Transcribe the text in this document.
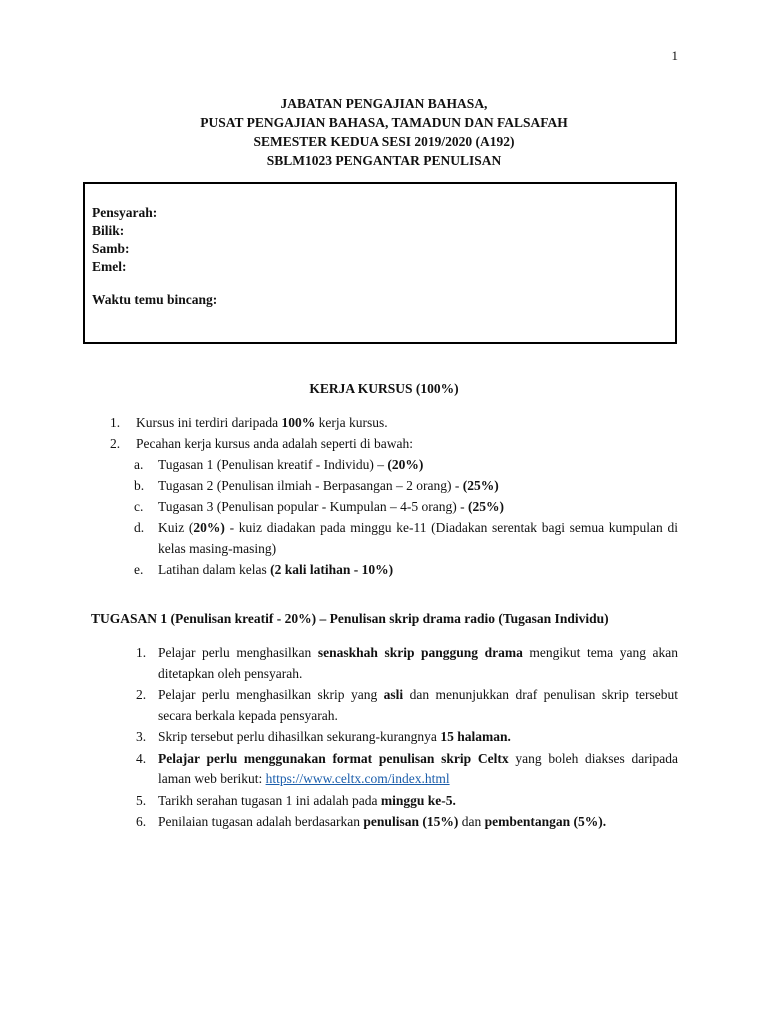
1
JABATAN PENGAJIAN BAHASA,
PUSAT PENGAJIAN BAHASA, TAMADUN DAN FALSAFAH
SEMESTER KEDUA SESI 2019/2020 (A192)
SBLM1023 PENGANTAR PENULISAN
Pensyarah:
Bilik:
Samb:
Emel:
Waktu temu bincang:
KERJA KURSUS (100%)
1. Kursus ini terdiri daripada 100% kerja kursus.
2. Pecahan kerja kursus anda adalah seperti di bawah:
a. Tugasan 1 (Penulisan kreatif - Individu) – (20%)
b. Tugasan 2 (Penulisan ilmiah - Berpasangan – 2 orang) - (25%)
c. Tugasan 3 (Penulisan popular - Kumpulan – 4-5 orang) - (25%)
d. Kuiz (20%) - kuiz diadakan pada minggu ke-11 (Diadakan serentak bagi semua kumpulan di kelas masing-masing)
e. Latihan dalam kelas (2 kali latihan - 10%)
TUGASAN 1 (Penulisan kreatif - 20%) – Penulisan skrip drama radio (Tugasan Individu)
1. Pelajar perlu menghasilkan senaskhah skrip panggung drama mengikut tema yang akan ditetapkan oleh pensyarah.
2. Pelajar perlu menghasilkan skrip yang asli dan menunjukkan draf penulisan skrip tersebut secara berkala kepada pensyarah.
3. Skrip tersebut perlu dihasilkan sekurang-kurangnya 15 halaman.
4. Pelajar perlu menggunakan format penulisan skrip Celtx yang boleh diakses daripada laman web berikut: https://www.celtx.com/index.html
5. Tarikh serahan tugasan 1 ini adalah pada minggu ke-5.
6. Penilaian tugasan adalah berdasarkan penulisan (15%) dan pembentangan (5%).
